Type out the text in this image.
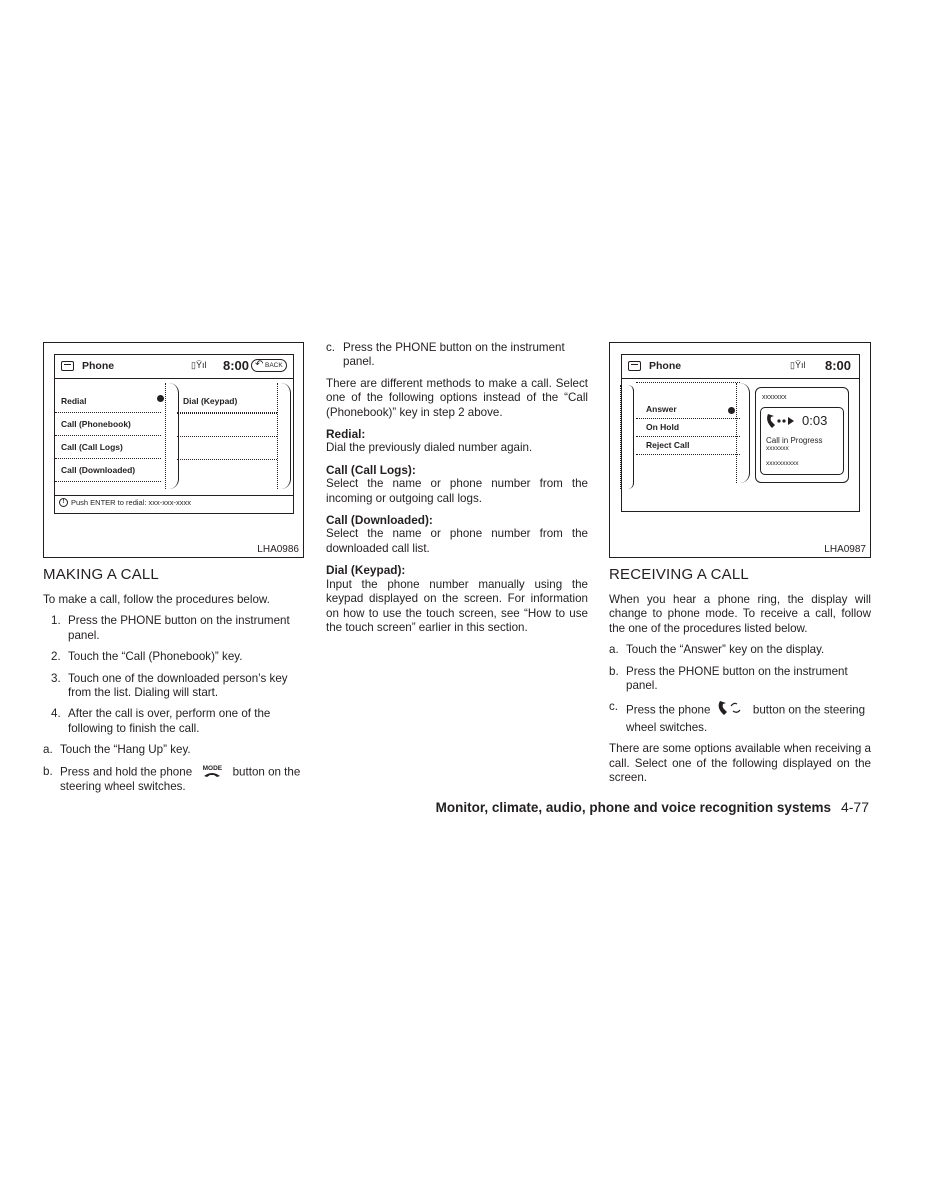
Phone	▯Ÿıl 8:00
↶	BACK
Redial
Call (Phonebook)
Call (Call Logs)
Call (Downloaded)
Dial (Keypad)
! Push ENTER to redial: xxx-xxx-xxxx
LHA0986
MAKING A CALL

To make a call, follow the procedures below.

1. Press the PHONE button on the instrument panel.
2. Touch the “Call (Phonebook)” key.
3. Touch one of the downloaded person’s key from the list. Dialing will start.
4. After the call is over, perform one of the following to finish the call.
a. Touch the “Hang Up” key.
b. Press and hold the phone MODE button on the steering wheel switches.
c. Press the PHONE button on the instrument panel.

There are different methods to make a call. Select one of the following options instead of the “Call (Phonebook)” key in step 2 above.

Redial:

Dial the previously dialed number again.

Call (Call Logs):

Select the name or phone number from the incoming or outgoing call logs.

Call (Downloaded):

Select the name or phone number from the downloaded call list.

Dial (Keypad):

Input the phone number manually using the keypad displayed on the screen. For information on how to use the touch screen, see “How to use the touch screen” earlier in this section.

Phone	▯Ÿıl 8:00
Answer
On Hold
Reject Call
xxxxxxx
0:03
Call in Progress
xxxxxxx
xxxxxxxxxx
LHA0987
RECEIVING A CALL

When you hear a phone ring, the display will change to phone mode. To receive a call, follow the one of the procedures listed below.

a. Touch the “Answer” key on the display.
b. Press the PHONE button on the instrument panel.
c. Press the phone	button on the steering wheel switches.

There are some options available when receiving a call. Select one of the following displayed on the screen.

Monitor, climate, audio, phone and voice recognition systems 4-77
